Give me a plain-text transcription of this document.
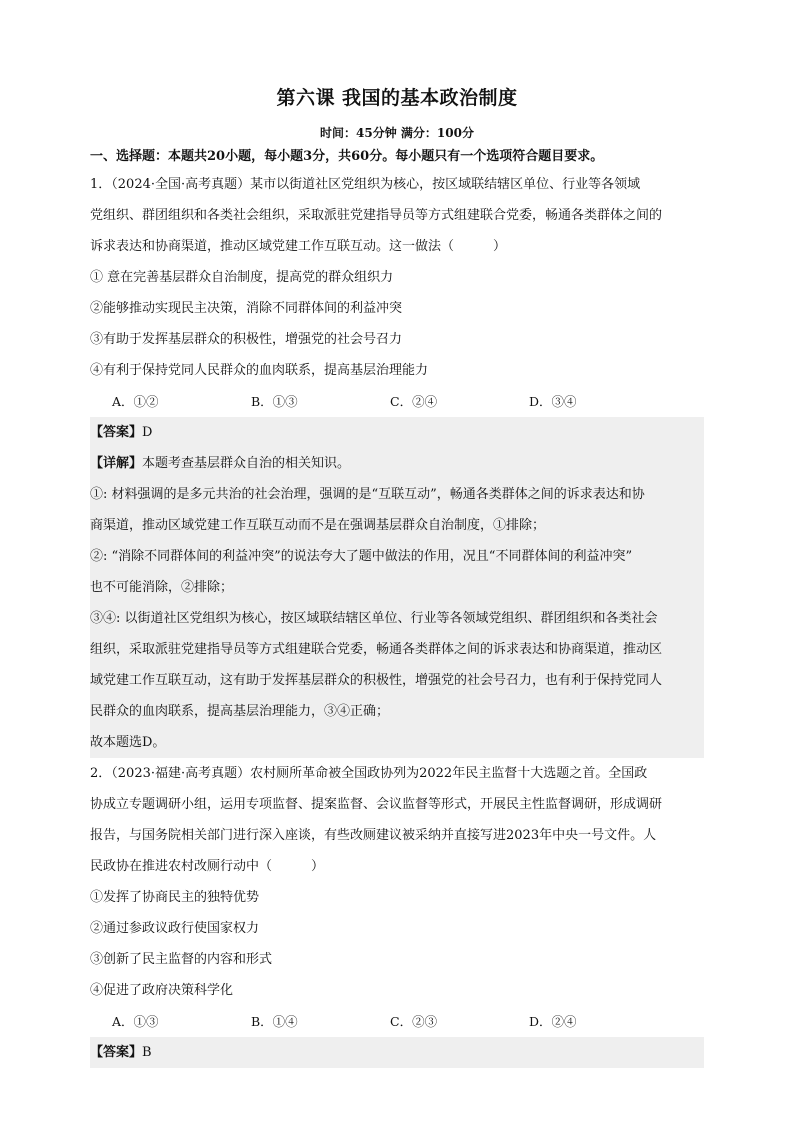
第六课 我国的基本政治制度
时间：45分钟 满分：100分
一、选择题：本题共20小题，每小题3分，共60分。每小题只有一个选项符合题目要求。
1．（2024·全国·高考真题）某市以街道社区党组织为核心，按区域联结辖区单位、行业等各领域
党组织、群团组织和各类社会组织，采取派驻党建指导员等方式组建联合党委，畅通各类群体之间的
诉求表达和协商渠道，推动区域党建工作互联互动。这一做法（　　　）
① 意在完善基层群众自治制度，提高党的群众组织力
②能够推动实现民主决策，消除不同群体间的利益冲突
③有助于发挥基层群众的积极性，增强党的社会号召力
④有利于保持党同人民群众的血肉联系，提高基层治理能力
A．①②	B．①③	C．②④	D．③④
【答案】D
【详解】本题考查基层群众自治的相关知识。
①: 材料强调的是多元共治的社会治理，强调的是“互联互动”，畅通各类群体之间的诉求表达和协
商渠道，推动区域党建工作互联互动而不是在强调基层群众自治制度，①排除；
②: “消除不同群体间的利益冲突”的说法夸大了题中做法的作用，况且“不同群体间的利益冲突”
也不可能消除，②排除；
③④: 以街道社区党组织为核心，按区域联结辖区单位、行业等各领域党组织、群团组织和各类社会
组织，采取派驻党建指导员等方式组建联合党委，畅通各类群体之间的诉求表达和协商渠道，推动区
域党建工作互联互动，这有助于发挥基层群众的积极性，增强党的社会号召力，也有利于保持党同人
民群众的血肉联系，提高基层治理能力，③④正确；
故本题选D。
2．（2023·福建·高考真题）农村厕所革命被全国政协列为2022年民主监督十大选题之首。全国政
协成立专题调研小组，运用专项监督、提案监督、会议监督等形式，开展民主性监督调研，形成调研
报告，与国务院相关部门进行深入座谈，有些改厕建议被采纳并直接写进2023年中央一号文件。人
民政协在推进农村改厕行动中（　　　）
①发挥了协商民主的独特优势
②通过参政议政行使国家权力
③创新了民主监督的内容和形式
④促进了政府决策科学化
A．①③	B．①④	C．②③	D．②④
【答案】B
